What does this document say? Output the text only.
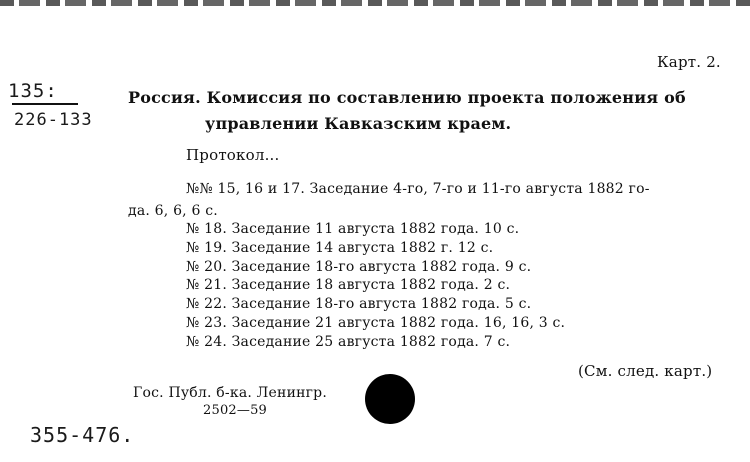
Карт. 2.
135:
226-133
Россия. Комиссия по составлению проекта положения об
управлении Кавказским краем.
Протокол...
№№ 15, 16 и 17. Заседание 4-го, 7-го и 11-го августа 1882 го-
да. 6, 6, 6 с.
№ 18. Заседание 11 августа 1882 года. 10 с.
№ 19. Заседание 14 августа 1882 г. 12 с.
№ 20. Заседание 18-го августа 1882 года. 9 с.
№ 21. Заседание 18 августа 1882 года. 2 с.
№ 22. Заседание 18-го августа 1882 года. 5 с.
№ 23. Заседание 21 августа 1882 года. 16, 16, 3 с.
№ 24. Заседание 25 августа 1882 года. 7 с.
(См. след. карт.)
Гос. Публ. б-ка. Ленингр.
2502—59
355-476.
